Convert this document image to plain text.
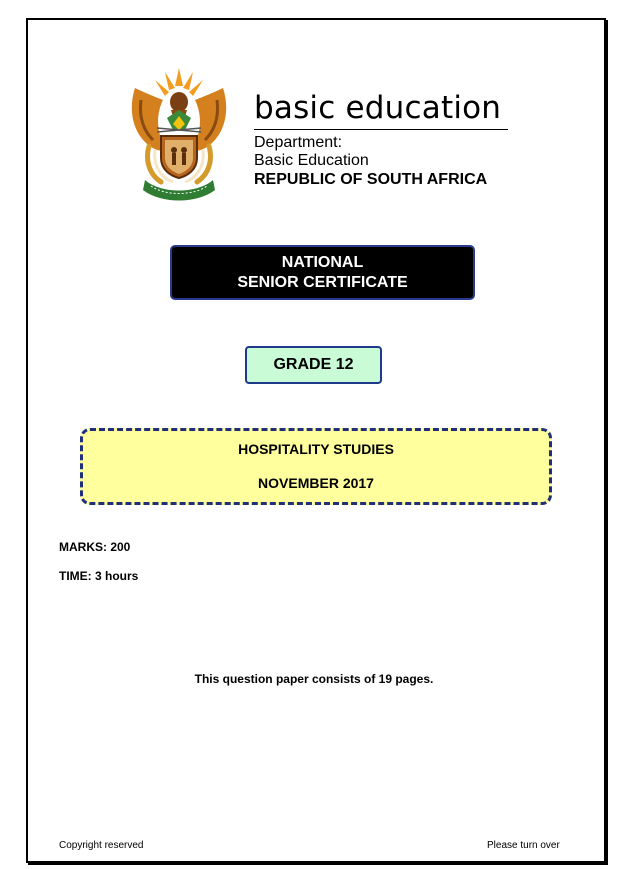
basic education
Department:
Basic Education
REPUBLIC OF SOUTH AFRICA
NATIONAL
SENIOR CERTIFICATE
GRADE 12
HOSPITALITY STUDIES
NOVEMBER 2017
MARKS: 200
TIME: 3 hours
This question paper consists of 19 pages.
Copyright reserved	Please turn over
